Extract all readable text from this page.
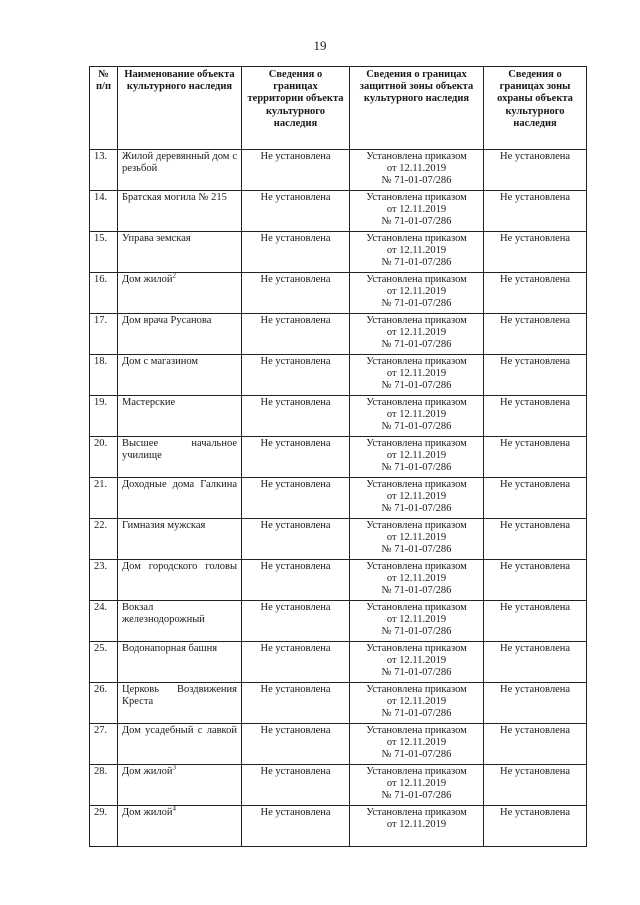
19
№ п/п	Наименование объекта культурного наследия	Сведения о границах территории объекта культурного наследия	Сведения о границах защитной зоны объекта культурного наследия	Сведения о границах зоны охраны объекта культурного наследия
13.	Жилой деревянный дом с резьбой	Не установлена	Установлена приказом
от 12.11.2019
№ 71-01-07/286	Не установлена
14.	Братская могила № 215	Не установлена	Установлена приказом
от 12.11.2019
№ 71-01-07/286	Не установлена
15.	Управа земская	Не установлена	Установлена приказом
от 12.11.2019
№ 71-01-07/286	Не установлена
16.	Дом жилой$^2$	Не установлена	Установлена приказом
от 12.11.2019
№ 71-01-07/286	Не установлена
17.	Дом врача Русанова	Не установлена	Установлена приказом
от 12.11.2019
№ 71-01-07/286	Не установлена
18.	Дом с магазином	Не установлена	Установлена приказом
от 12.11.2019
№ 71-01-07/286	Не установлена
19.	Мастерские	Не установлена	Установлена приказом
от 12.11.2019
№ 71-01-07/286	Не установлена
20.	Высшее начальное училище	Не установлена	Установлена приказом
от 12.11.2019
№ 71-01-07/286	Не установлена
21.	Доходные дома Галкина	Не установлена	Установлена приказом
от 12.11.2019
№ 71-01-07/286	Не установлена
22.	Гимназия мужская	Не установлена	Установлена приказом
от 12.11.2019
№ 71-01-07/286	Не установлена
23.	Дом городского головы	Не установлена	Установлена приказом
от 12.11.2019
№ 71-01-07/286	Не установлена
24.	Вокзал железнодорожный	Не установлена	Установлена приказом
от 12.11.2019
№ 71-01-07/286	Не установлена
25.	Водонапорная башня	Не установлена	Установлена приказом
от 12.11.2019
№ 71-01-07/286	Не установлена
26.	Церковь Воздвижения Креста	Не установлена	Установлена приказом
от 12.11.2019
№ 71-01-07/286	Не установлена
27.	Дом усадебный с лавкой	Не установлена	Установлена приказом
от 12.11.2019
№ 71-01-07/286	Не установлена
28.	Дом жилой$^3$	Не установлена	Установлена приказом
от 12.11.2019
№ 71-01-07/286	Не установлена
29.	Дом жилой$^4$	Не установлена	Установлена приказом
от 12.11.2019	Не установлена
